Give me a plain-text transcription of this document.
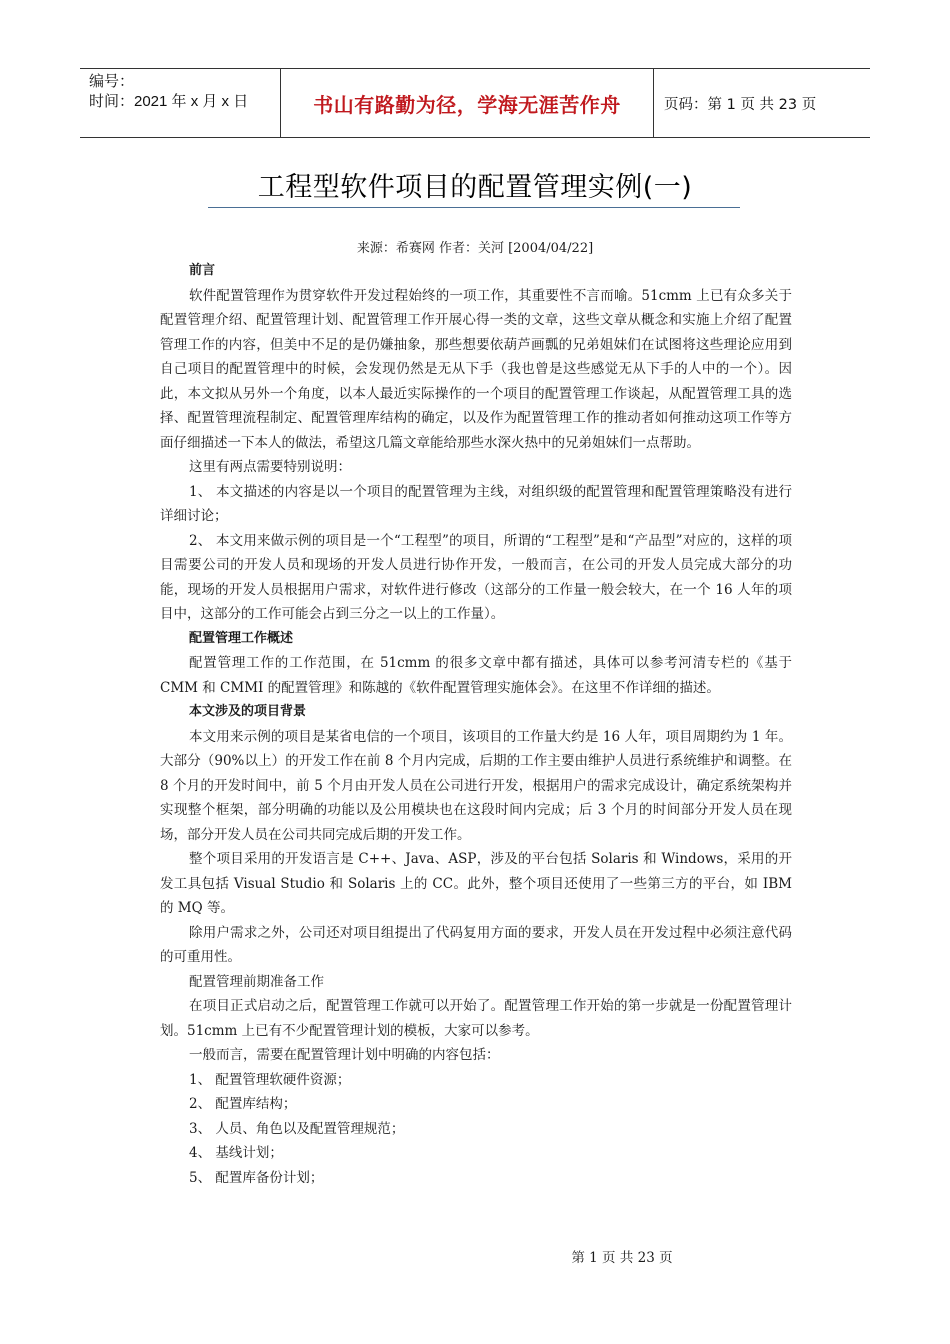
编号：
时间：2021 年 x 月 x 日	书山有路勤为径，学海无涯苦作舟	页码：第 1 页 共 23 页
工程型软件项目的配置管理实例(一)
来源：希赛网 作者：关河 [2004/04/22]
前言

软件配置管理作为贯穿软件开发过程始终的一项工作，其重要性不言而喻。51cmm 上已有众多关于配置管理介绍、配置管理计划、配置管理工作开展心得一类的文章，这些文章从概念和实施上介绍了配置管理工作的内容，但美中不足的是仍嫌抽象，那些想要依葫芦画瓢的兄弟姐妹们在试图将这些理论应用到自己项目的配置管理中的时候，会发现仍然是无从下手（我也曾是这些感觉无从下手的人中的一个）。因此，本文拟从另外一个角度，以本人最近实际操作的一个项目的配置管理工作谈起，从配置管理工具的选择、配置管理流程制定、配置管理库结构的确定，以及作为配置管理工作的推动者如何推动这项工作等方面仔细描述一下本人的做法，希望这几篇文章能给那些水深火热中的兄弟姐妹们一点帮助。

这里有两点需要特别说明：

1、 本文描述的内容是以一个项目的配置管理为主线，对组织级的配置管理和配置管理策略没有进行详细讨论；

2、 本文用来做示例的项目是一个“工程型”的项目，所谓的“工程型”是和“产品型”对应的，这样的项目需要公司的开发人员和现场的开发人员进行协作开发，一般而言，在公司的开发人员完成大部分的功能，现场的开发人员根据用户需求，对软件进行修改（这部分的工作量一般会较大，在一个 16 人年的项目中，这部分的工作可能会占到三分之一以上的工作量）。

配置管理工作概述

配置管理工作的工作范围，在 51cmm 的很多文章中都有描述，具体可以参考河清专栏的《基于CMM 和 CMMI 的配置管理》和陈越的《软件配置管理实施体会》。在这里不作详细的描述。

本文涉及的项目背景

本文用来示例的项目是某省电信的一个项目，该项目的工作量大约是 16 人年，项目周期约为 1 年。大部分（90%以上）的开发工作在前 8 个月内完成，后期的工作主要由维护人员进行系统维护和调整。在 8 个月的开发时间中，前 5 个月由开发人员在公司进行开发，根据用户的需求完成设计，确定系统架构并实现整个框架，部分明确的功能以及公用模块也在这段时间内完成；后 3 个月的时间部分开发人员在现场，部分开发人员在公司共同完成后期的开发工作。

整个项目采用的开发语言是 C++、Java、ASP，涉及的平台包括 Solaris 和 Windows，采用的开发工具包括 Visual Studio 和 Solaris 上的 CC。此外，整个项目还使用了一些第三方的平台，如 IBM 的 MQ 等。

除用户需求之外，公司还对项目组提出了代码复用方面的要求，开发人员在开发过程中必须注意代码的可重用性。

配置管理前期准备工作

在项目正式启动之后，配置管理工作就可以开始了。配置管理工作开始的第一步就是一份配置管理计划。51cmm 上已有不少配置管理计划的模板，大家可以参考。

一般而言，需要在配置管理计划中明确的内容包括：

1、 配置管理软硬件资源；

2、 配置库结构；

3、 人员、角色以及配置管理规范；

4、 基线计划；

5、 配置库备份计划；

第 1 页 共 23 页
